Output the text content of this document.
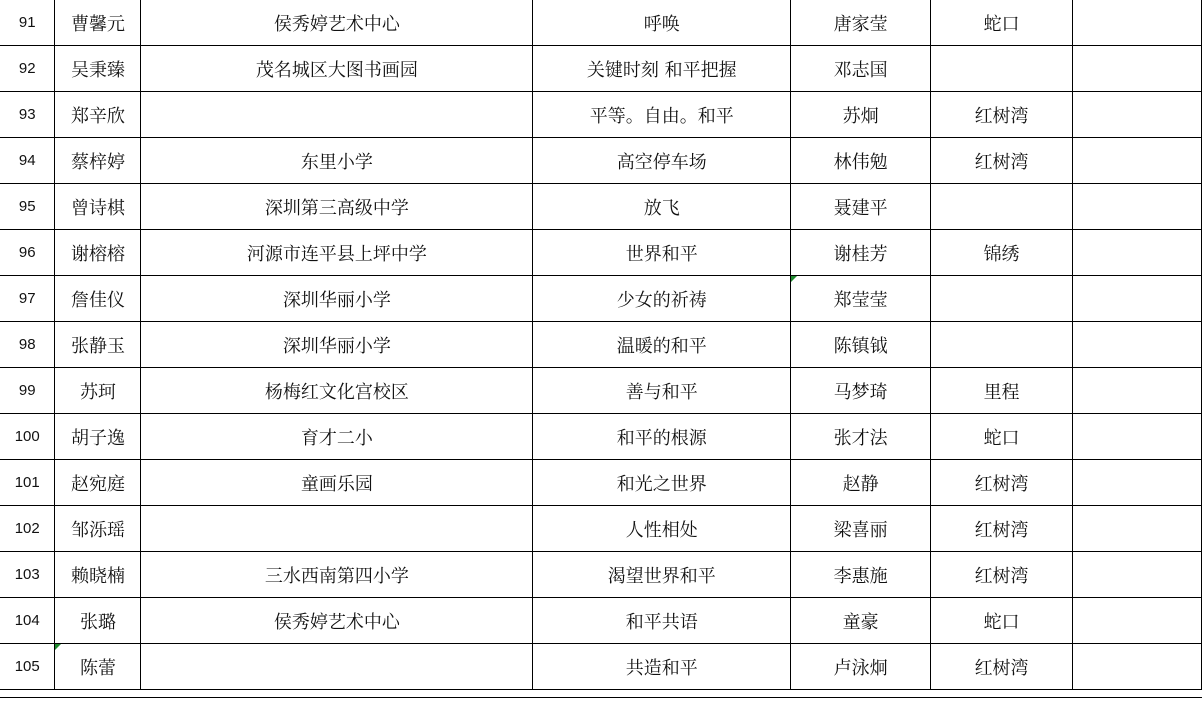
91	曹馨元	侯秀婷艺术中心	呼唤	唐家莹	蛇口	
92	吴秉臻	茂名城区大图书画园	关键时刻 和平把握	邓志国		
93	郑辛欣		平等。自由。和平	苏炯	红树湾	
94	蔡梓婷	东里小学	高空停车场	林伟勉	红树湾	
95	曾诗棋	深圳第三高级中学	放飞	聂建平		
96	谢榕榕	河源市连平县上坪中学	世界和平	谢桂芳	锦绣	
97	詹佳仪	深圳华丽小学	少女的祈祷	郑莹莹		
98	张静玉	深圳华丽小学	温暖的和平	陈镇钺		
99	苏珂	杨梅红文化宫校区	善与和平	马梦琦	里程	
100	胡子逸	育才二小	和平的根源	张才法	蛇口	
101	赵宛庭	童画乐园	和光之世界	赵静	红树湾	
102	邹泺瑶		人性相处	梁喜丽	红树湾	
103	赖晓楠	三水西南第四小学	渴望世界和平	李惠施	红树湾	
104	张璐	侯秀婷艺术中心	和平共语	童豪	蛇口	
105	陈蕾		共造和平	卢泳炯	红树湾	
